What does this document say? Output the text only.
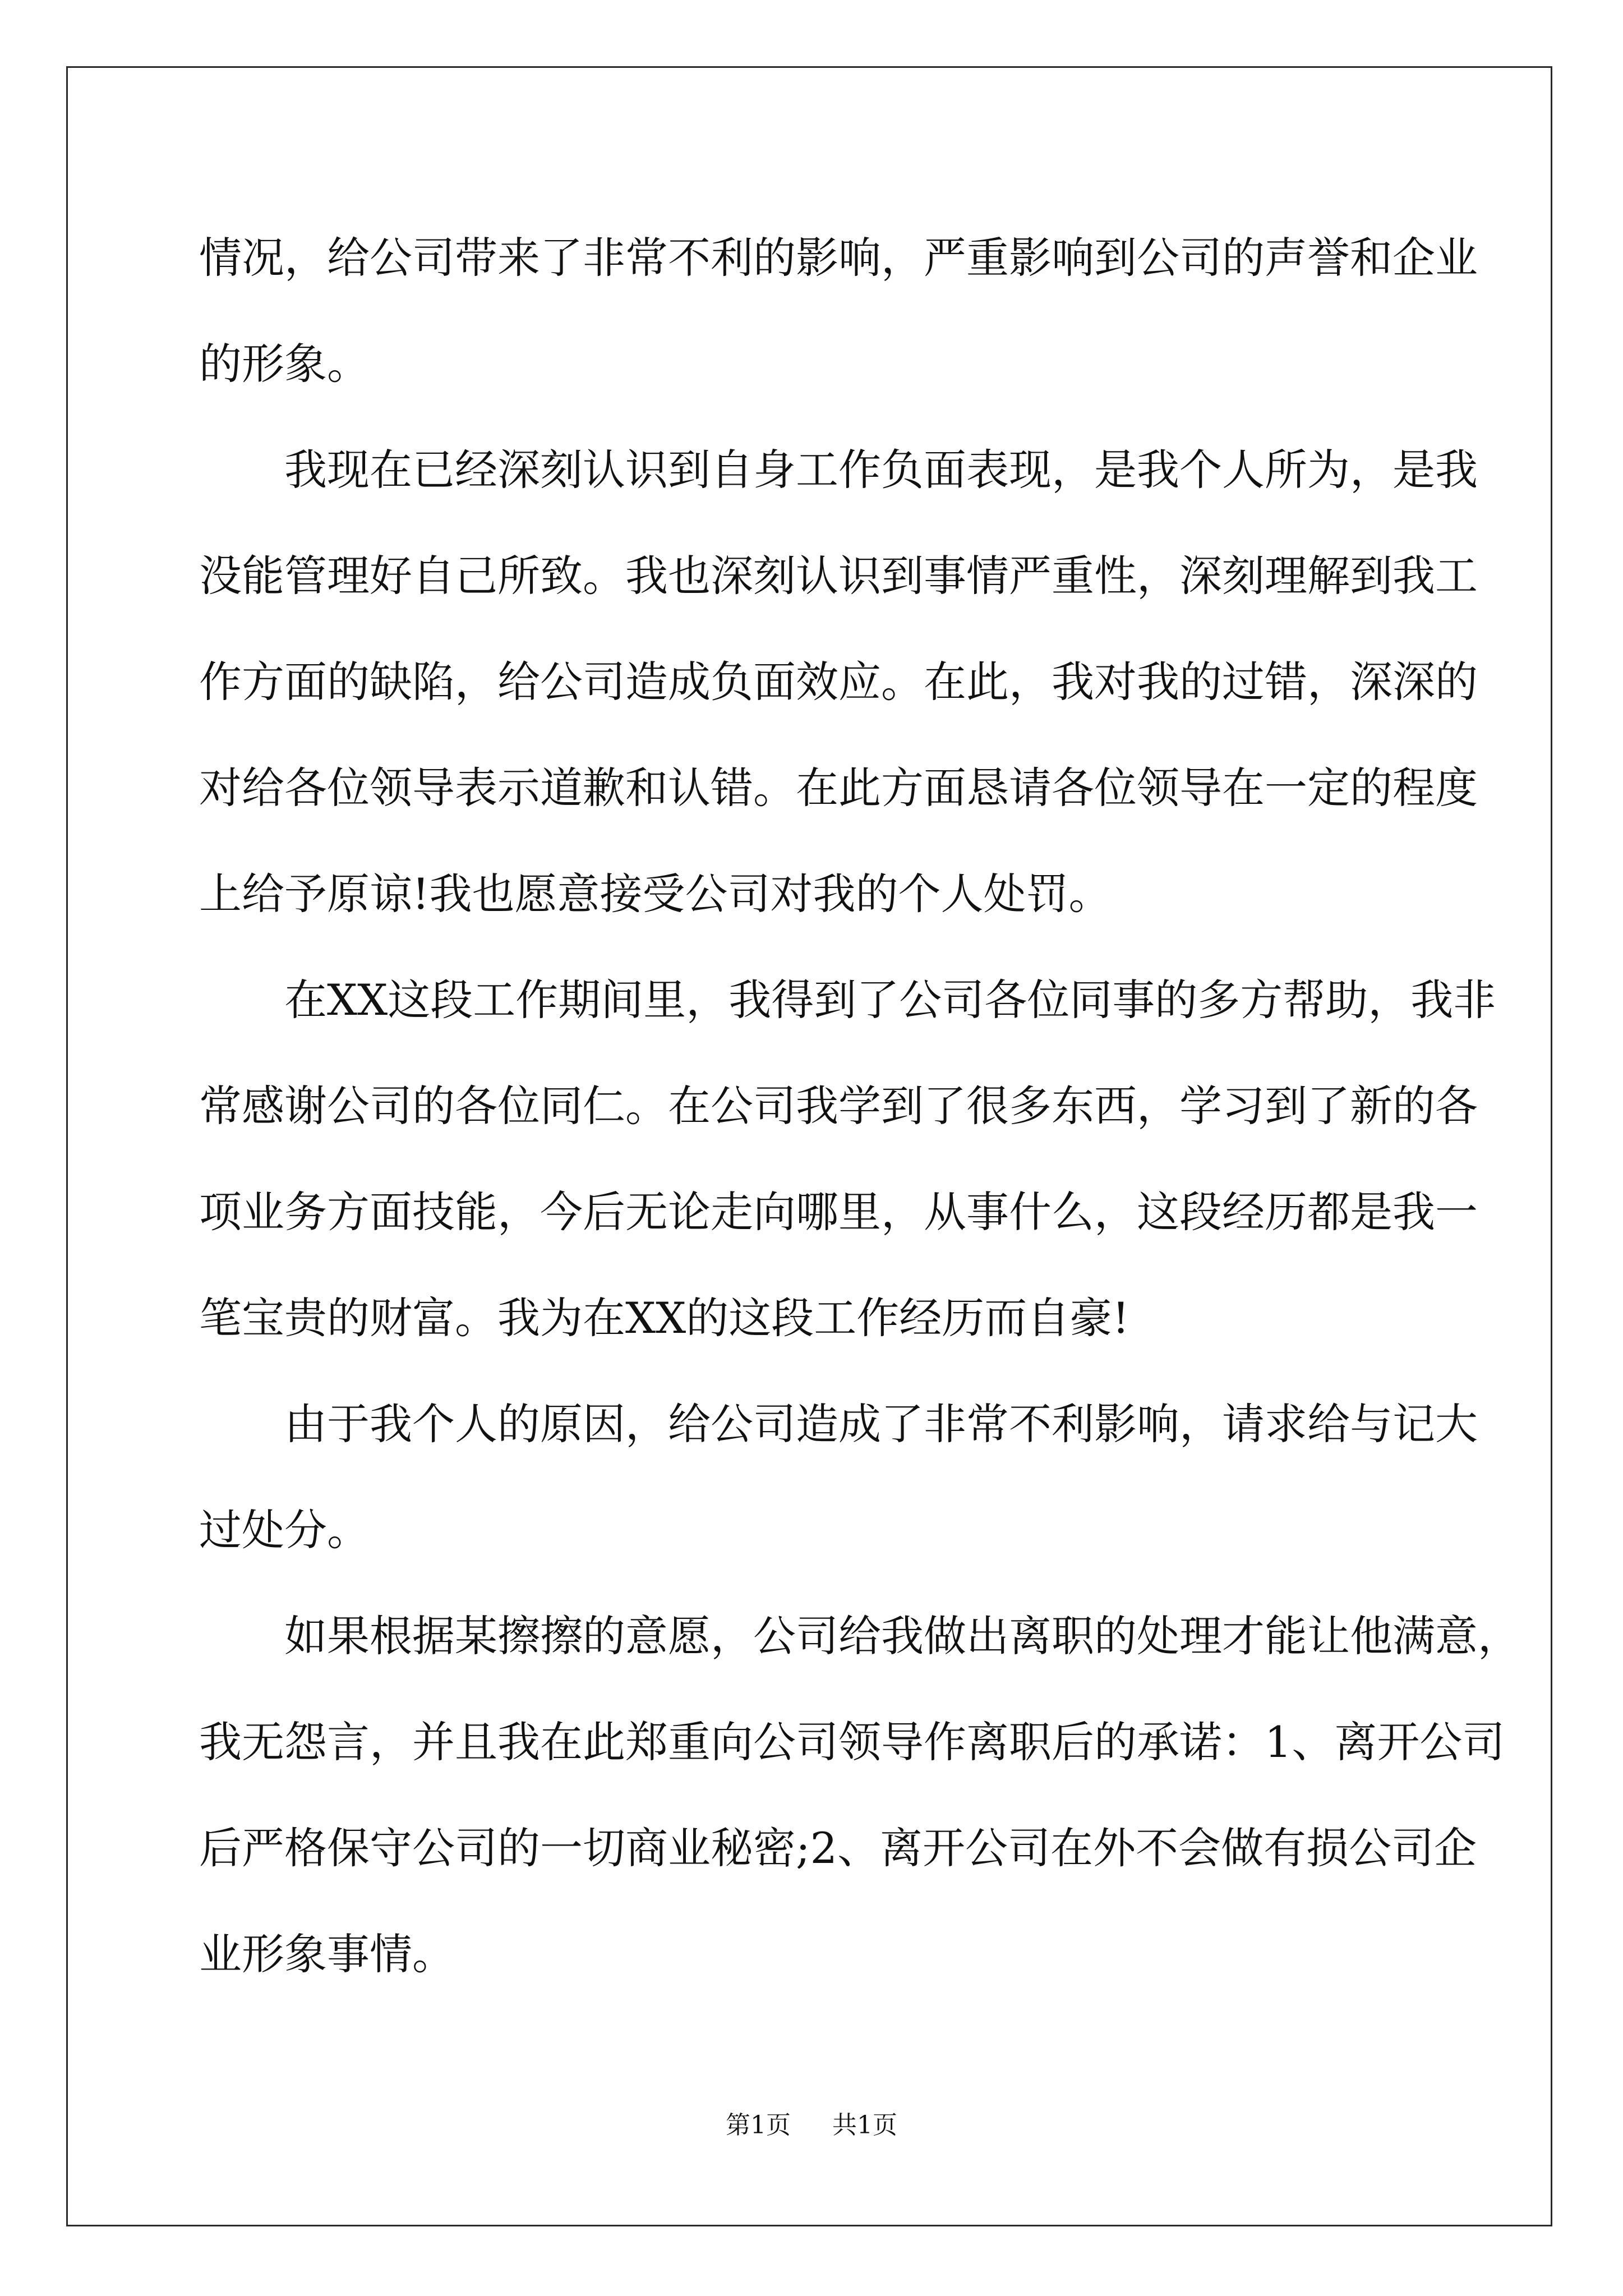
情况，给公司带来了非常不利的影响，严重影响到公司的声誉和企业
的形象。
我现在已经深刻认识到自身工作负面表现，是我个人所为，是我
没能管理好自己所致。我也深刻认识到事情严重性，深刻理解到我工
作方面的缺陷，给公司造成负面效应。在此，我对我的过错，深深的
对给各位领导表示道歉和认错。在此方面恳请各位领导在一定的程度
上给予原谅!我也愿意接受公司对我的个人处罚。
在XX这段工作期间里，我得到了公司各位同事的多方帮助，我非
常感谢公司的各位同仁。在公司我学到了很多东西，学习到了新的各
项业务方面技能，今后无论走向哪里，从事什么，这段经历都是我一
笔宝贵的财富。我为在XX的这段工作经历而自豪!
由于我个人的原因，给公司造成了非常不利影响，请求给与记大
过处分。
如果根据某擦擦的意愿，公司给我做出离职的处理才能让他满意，
我无怨言，并且我在此郑重向公司领导作离职后的承诺：1、离开公司
后严格保守公司的一切商业秘密;2、离开公司在外不会做有损公司企
业形象事情。
第1页 共1页
